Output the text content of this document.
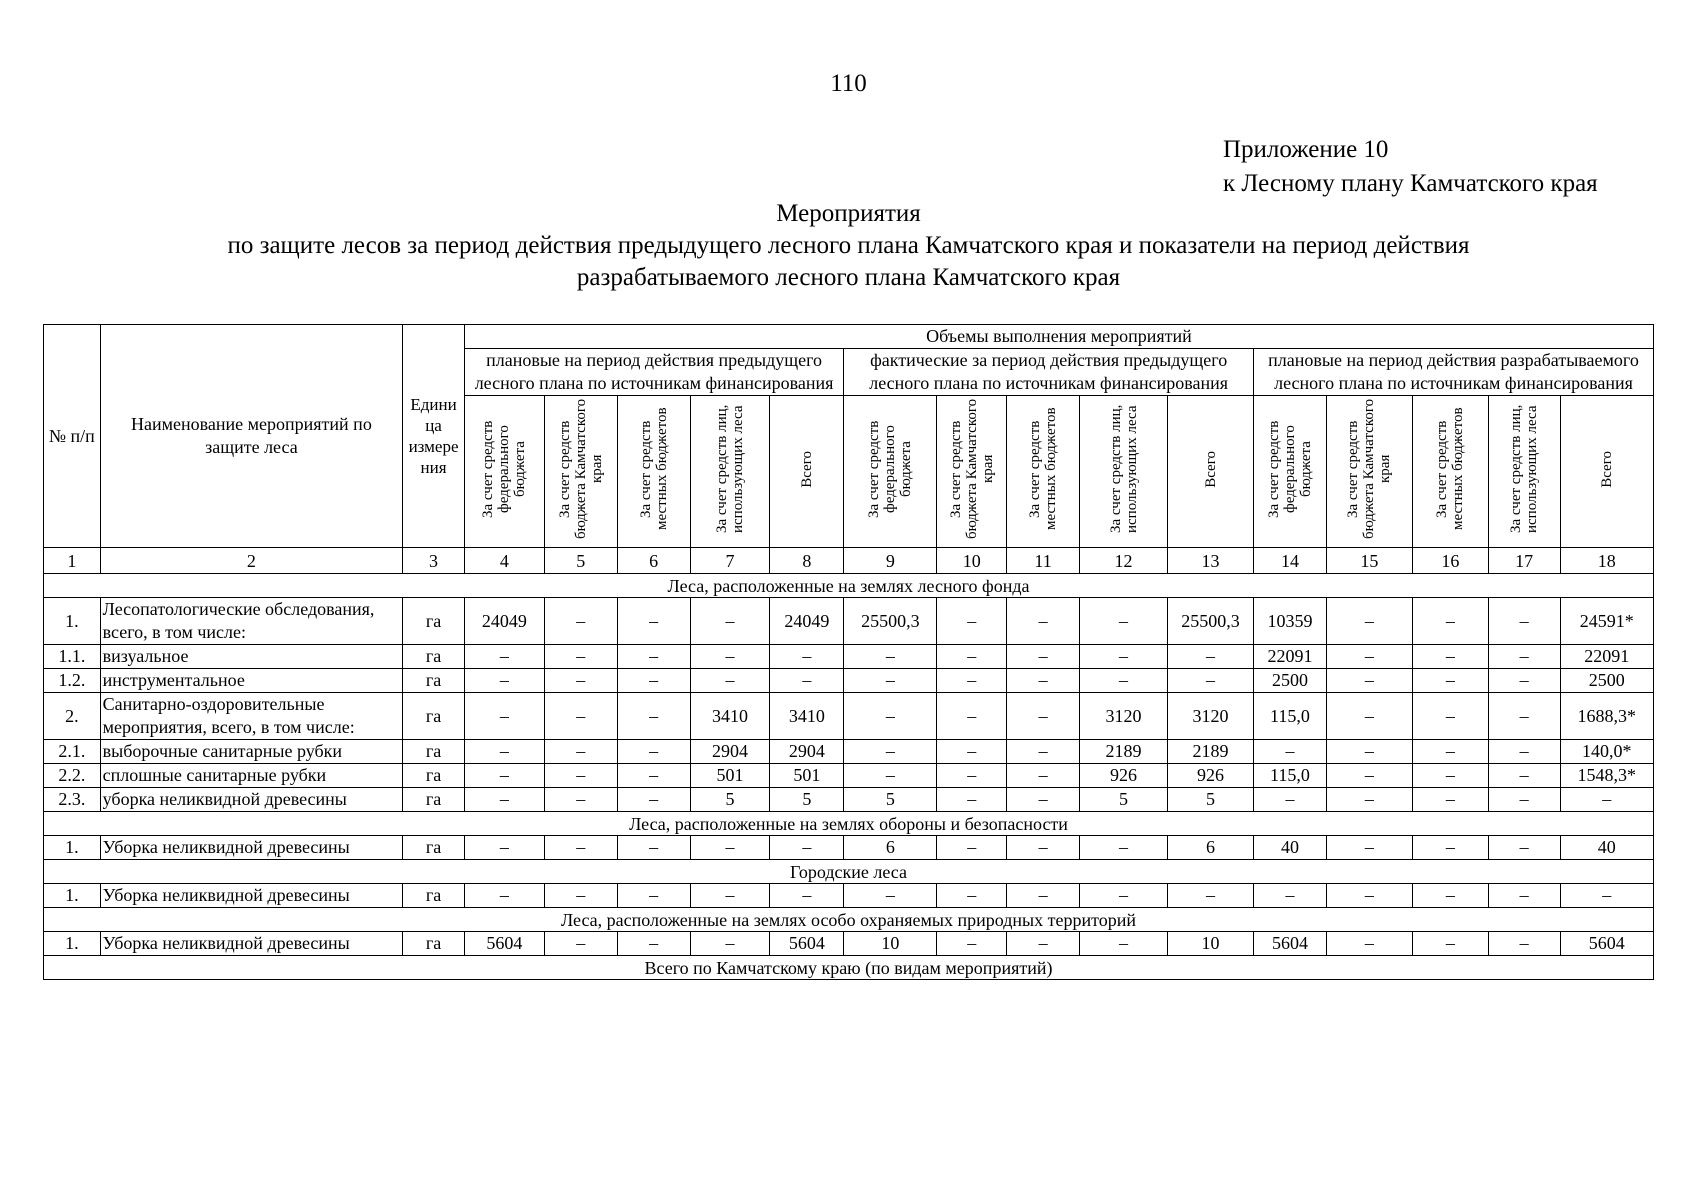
110
Приложение 10
к Лесному плану Камчатского края
Мероприятия
по защите лесов за период действия предыдущего лесного плана Камчатского края и показатели на период действия
разрабатываемого лесного плана Камчатского края
№ п/п	Наименование мероприятий по защите леса	Едини ца измере ния	Объемы выполнения мероприятий														
			плановые на период действия предыдущего лесного плана по источникам финансирования					фактические за период действия предыдущего лесного плана по источникам финансирования					плановые на период действия разрабатываемого лесного плана по источникам финансирования				
			За счет средств федерального бюджета	За счет средств бюджета Камчатского края	За счет средств местных бюджетов	За счет средств лиц, использующих леса	Всего	За счет средств федерального бюджета	За счет средств бюджета Камчатского края	За счет средств местных бюджетов	За счет средств лиц, использующих леса	Всего	За счет средств федерального бюджета	За счет средств бюджета Камчатского края	За счет средств местных бюджетов	За счет средств лиц, использующих леса	Всего
1	2	3	4	5	6	7	8	9	10	11	12	13	14	15	16	17	18
Леса, расположенные на землях лесного фонда																	
1.	Лесопатологические обследования, всего, в том числе:	га	24049	–	–	–	24049	25500,3	–	–	–	25500,3	10359	–	–	–	24591*
1.1.	визуальное	га	–	–	–	–	–	–	–	–	–	–	22091	–	–	–	22091
1.2.	инструментальное	га	–	–	–	–	–	–	–	–	–	–	2500	–	–	–	2500
2.	Санитарно-оздоровительные мероприятия, всего, в том числе:	га	–	–	–	3410	3410	–	–	–	3120	3120	115,0	–	–	–	1688,3*
2.1.	выборочные санитарные рубки	га	–	–	–	2904	2904	–	–	–	2189	2189	–	–	–	–	140,0*
2.2.	сплошные санитарные рубки	га	–	–	–	501	501	–	–	–	926	926	115,0	–	–	–	1548,3*
2.3.	уборка неликвидной древесины	га	–	–	–	5	5	5	–	–	5	5	–	–	–	–	–
Леса, расположенные на землях обороны и безопасности																	
1.	Уборка неликвидной древесины	га	–	–	–	–	–	6	–	–	–	6	40	–	–	–	40
Городские леса																	
1.	Уборка неликвидной древесины	га	–	–	–	–	–	–	–	–	–	–	–	–	–	–	–
Леса, расположенные на землях особо охраняемых природных территорий																	
1.	Уборка неликвидной древесины	га	5604	–	–	–	5604	10	–	–	–	10	5604	–	–	–	5604
Всего по Камчатскому краю (по видам мероприятий)																	
